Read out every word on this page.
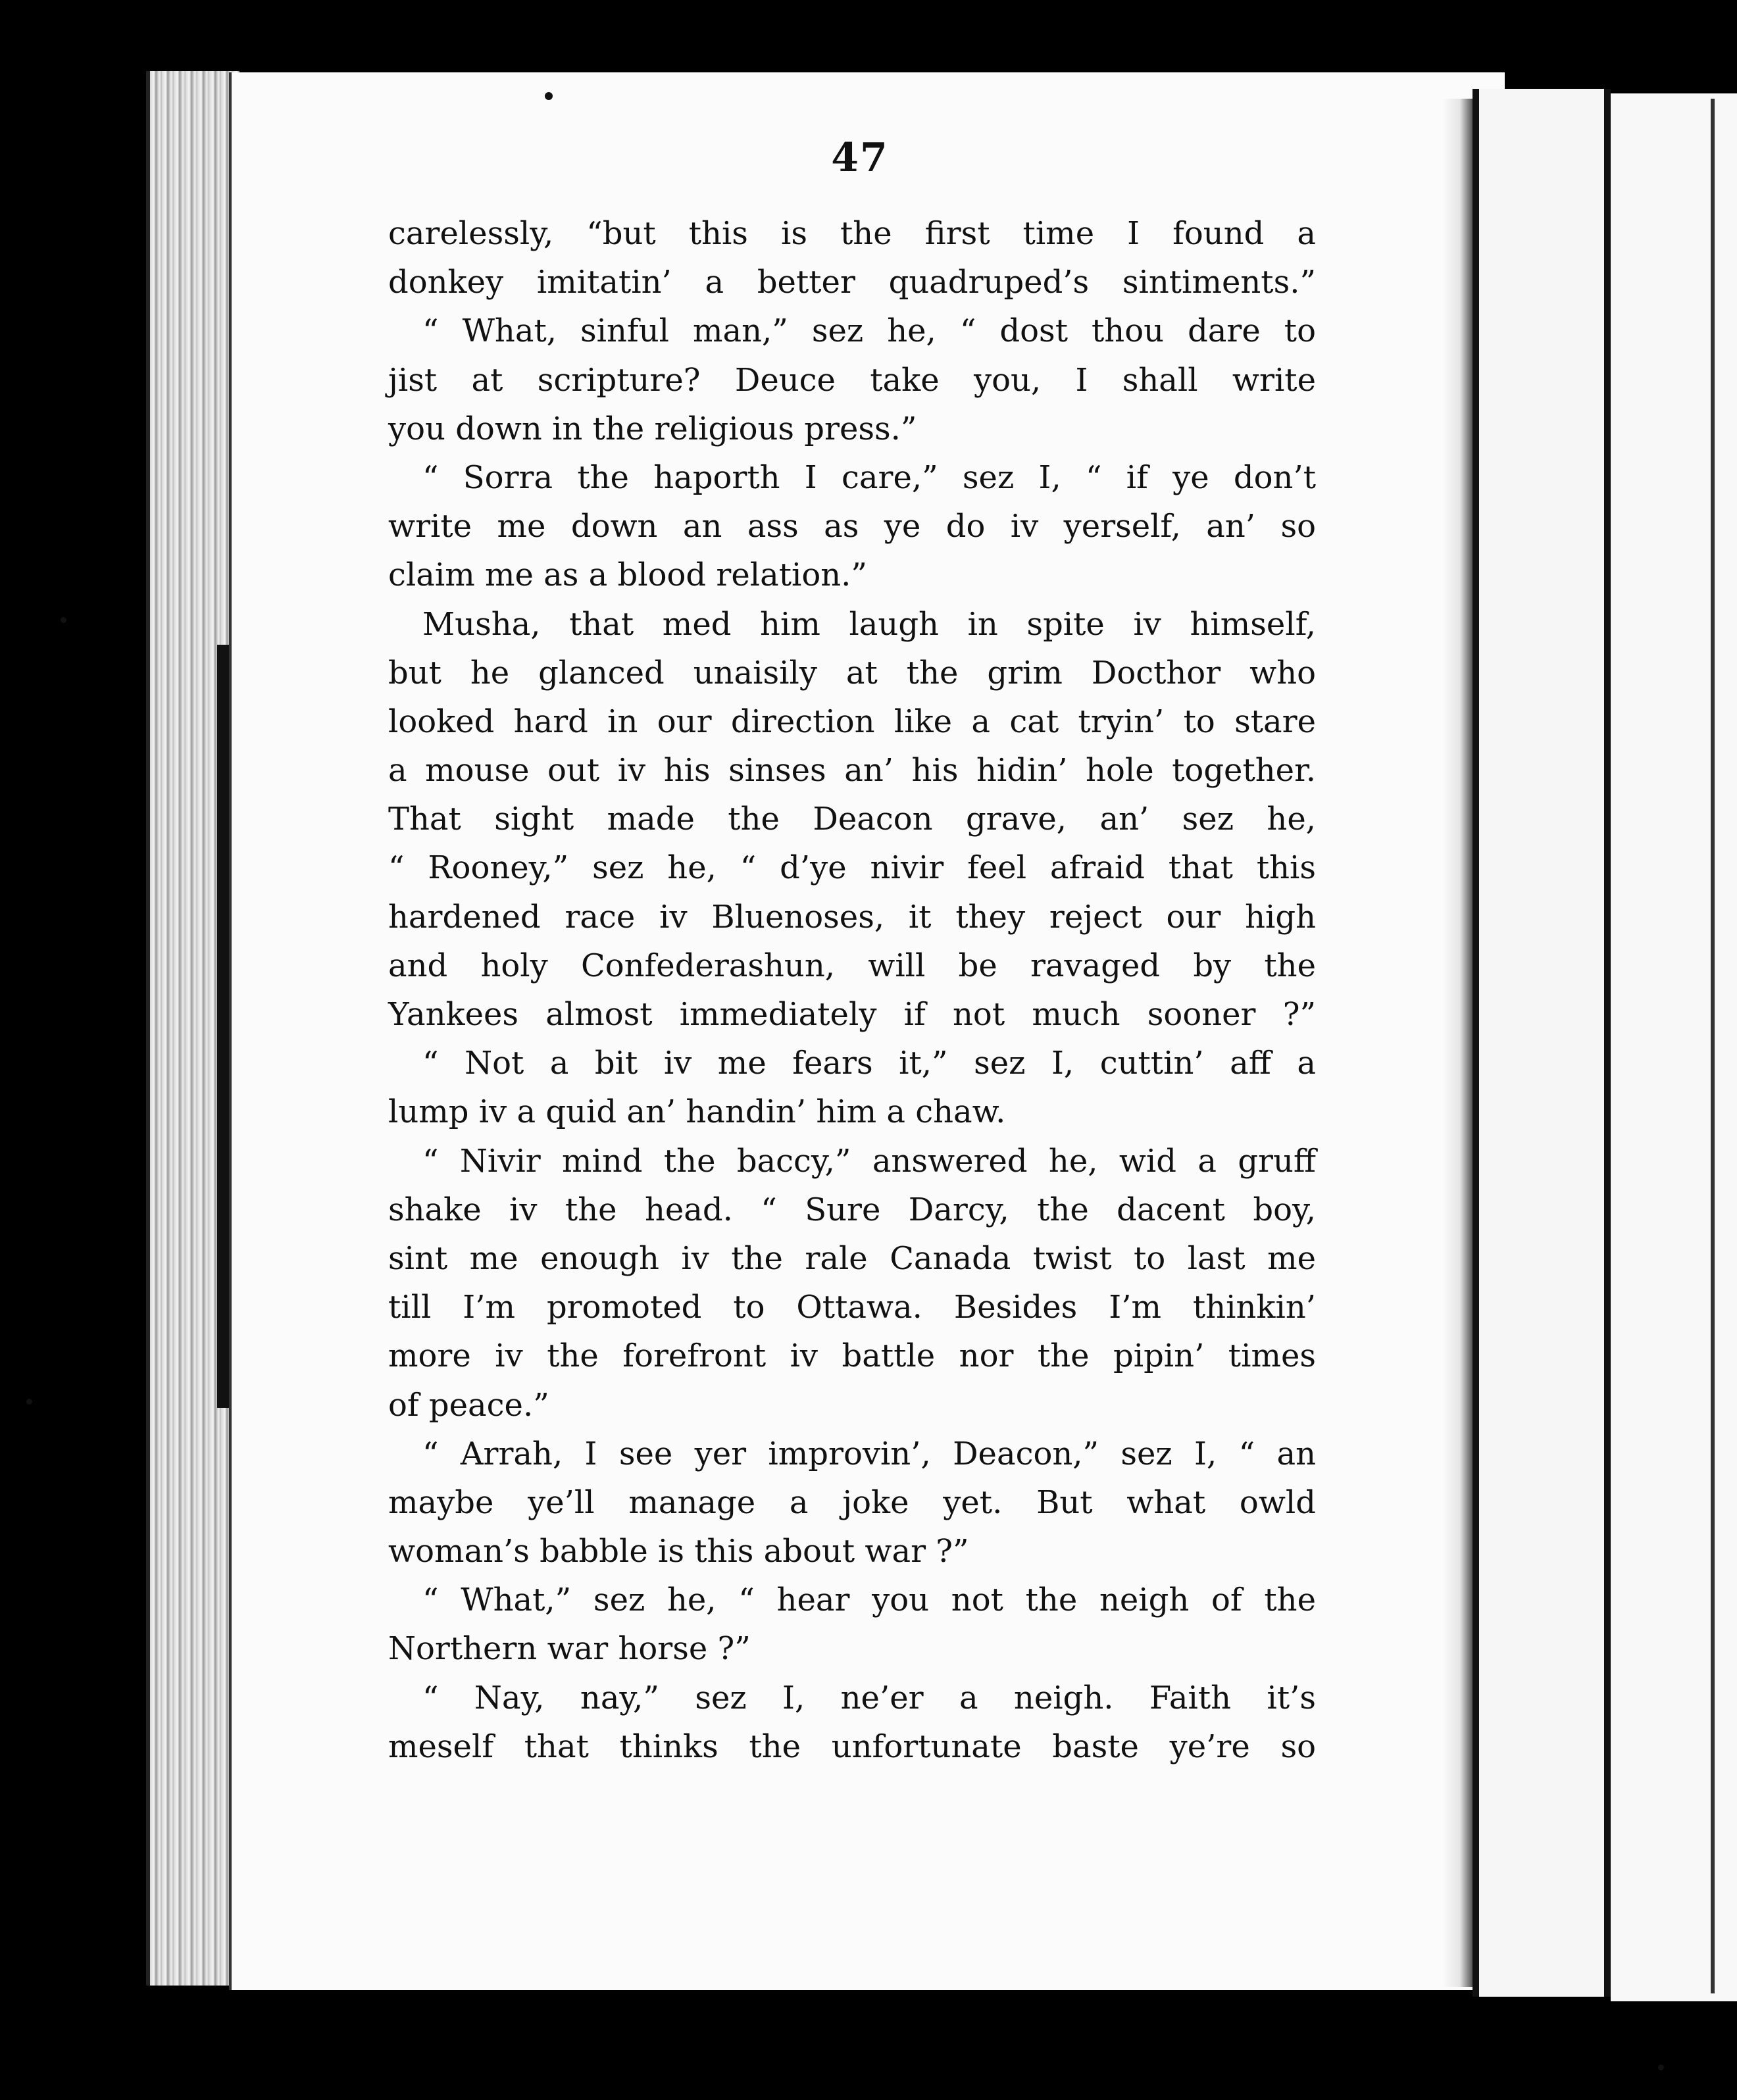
47
carelessly, “but this is the first time I found a
donkey imitatin’ a better quadruped’s sintiments.”
“ What, sinful man,” sez he, “ dost thou dare to
jist at scripture? Deuce take you, I shall write
you down in the religious press.”
“ Sorra the haporth I care,” sez I, “ if ye don’t
write me down an ass as ye do iv yerself, an’ so
claim me as a blood relation.”
Musha, that med him laugh in spite iv himself,
but he glanced unaisily at the grim Docthor who
looked hard in our direction like a cat tryin’ to stare
a mouse out iv his sinses an’ his hidin’ hole together.
That sight made the Deacon grave, an’ sez he,
“ Rooney,” sez he, “ d’ye nivir feel afraid that this
hardened race iv Bluenoses, it they reject our high
and holy Confederashun, will be ravaged by the
Yankees almost immediately if not much sooner ?”
“ Not a bit iv me fears it,” sez I, cuttin’ aff a
lump iv a quid an’ handin’ him a chaw.
“ Nivir mind the baccy,” answered he, wid a gruff
shake iv the head. “ Sure Darcy, the dacent boy,
sint me enough iv the rale Canada twist to last me
till I’m promoted to Ottawa. Besides I’m thinkin’
more iv the forefront iv battle nor the pipin’ times
of peace.”
“ Arrah, I see yer improvin’, Deacon,” sez I, “ an
maybe ye’ll manage a joke yet. But what owld
woman’s babble is this about war ?”
“ What,” sez he, “ hear you not the neigh of the
Northern war horse ?”
“ Nay, nay,” sez I, ne’er a neigh. Faith it’s
meself that thinks the unfortunate baste ye’re so
